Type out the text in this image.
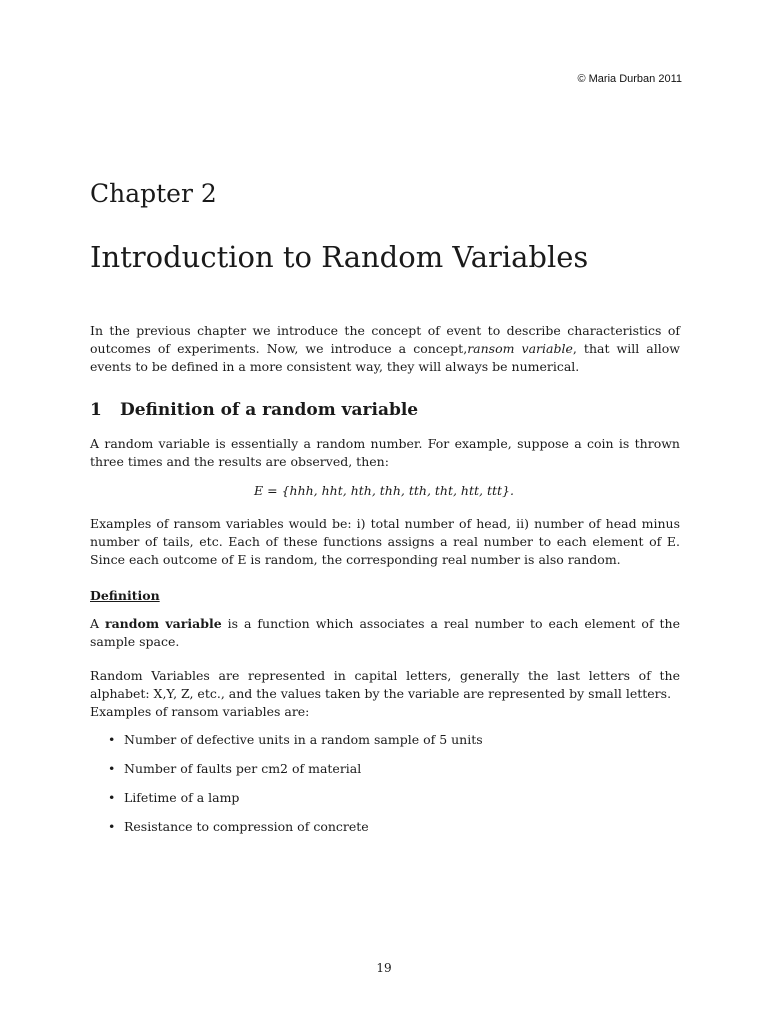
© Maria Durban 2011
Chapter 2
Introduction to Random Variables

In the previous chapter we introduce the concept of event to describe characteristics of outcomes of experiments. Now, we introduce a concept,ransom variable, that will allow events to be defined in a more consistent way, they will always be numerical.

1 Definition of a random variable

A random variable is essentially a random number. For example, suppose a coin is thrown three times and the results are observed, then:

E = {hhh, hht, hth, thh, tth, tht, htt, ttt}.

Examples of ransom variables would be: i) total number of head, ii) number of head minus number of tails, etc. Each of these functions assigns a real number to each element of E. Since each outcome of E is random, the corresponding real number is also random.

Definition

A random variable is a function which associates a real number to each element of the sample space.

Random Variables are represented in capital letters, generally the last letters of the alphabet: X,Y, Z, etc., and the values taken by the variable are represented by small letters.
Examples of ransom variables are:

• Number of defective units in a random sample of 5 units
• Number of faults per cm2 of material
• Lifetime of a lamp
• Resistance to compression of concrete
19
